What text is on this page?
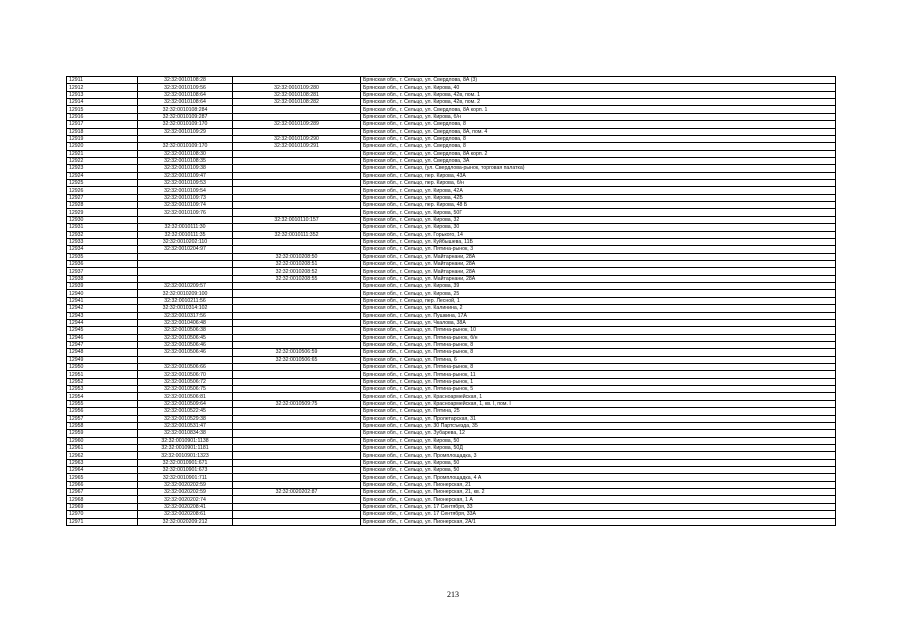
12911	32:32:0010108:28		Брянская обл., г. Сельцо, ул. Свердлова, 8А (3)
12912	32:32:0010109:56	32:32:0010109:280	Брянская обл., г. Сельцо, ул. Кирова, 40
12913	32:32:0010108:64	32:32:0010108:281	Брянская обл., г. Сельцо, ул. Кирова, 42в, пом. 1
12914	32:32:0010108:64	32:32:0010108:282	Брянская обл., г. Сельцо, ул. Кирова, 42в, пом. 2
12915	32:32:0010108:284		Брянская обл., г. Сельцо, ул. Свердлова, 8А корп. 1
12916	32:32:0010109:287		Брянская обл., г. Сельцо, ул. Кирова, б/н
12917	32:32:0010109:170	32:32:0010109:289	Брянская обл., г. Сельцо, ул. Свердлова, 8
12918	32:32:0010109:29		Брянская обл., г. Сельцо, ул. Свердлова, 8А, пом. 4
12919		32:32:0010109:290	Брянская обл., г. Сельцо, ул. Свердлова, 8
12920	32:32:0010109:170	32:32:0010109:291	Брянская обл., г. Сельцо, ул. Свердлова, 8
12921	32:32:0010108:30		Брянская обл., г. Сельцо, ул. Свердлова, 8А корп. 2
12922	32:32:0010108:35		Брянская обл., г. Сельцо, ул. Свердлова, 3А
12923	32:32:0010109:38		Брянская обл., г. Сельцо, (ул. Свердлова-рынок, торговая палатка)
12924	32:32:0010109:47		Брянская обл., г. Сельцо, пер. Кирова, 43А
12925	32:32:0010109:53		Брянская обл., г. Сельцо, пер. Кирова, б/н
12926	32:32:0010109:54		Брянская обл., г. Сельцо, ул. Кирова, 42А
12927	32:32:0010109:73		Брянская обл., г. Сельцо, ул. Кирова, 42Б
12928	32:32:0010109:74		Брянская обл., г. Сельцо, пер. Кирова, 48 Б
12929	32:32:0010109:76		Брянская обл., г. Сельцо, ул. Кирова, 50Г
12930		32:32:0010110:157	Брянская обл., г. Сельцо, ул. Кирова, 32
12931	32:32:0010111:30		Брянская обл., г. Сельцо, ул. Кирова, 30
12932	32:32:0010111:35	32:32:0010111:352	Брянская обл., г. Сельцо, ул. Горького, 14
12933	32:32:0010202:110		Брянская обл., г. Сельцо, ул. Куйбышева, 11Б
12934	32:32:0010204:97		Брянская обл., г. Сельцо, ул. Пятина-рынок, 3
12935		32:32:0010208:50	Брянская обл., г. Сельцо, ул. Майтарнани, 28А
12936		32:32:0010208:51	Брянская обл., г. Сельцо, ул. Майтарнани, 28А
12937		32:32:0010208:52	Брянская обл., г. Сельцо, ул. Майтарнани, 28А
12938		32:32:0010208:55	Брянская обл., г. Сельцо, ул. Майтарнани, 28А
12939	32:32:0010209:57		Брянская обл., г. Сельцо, ул. Кирова, 39
12940	32:32:0010209:100		Брянская обл., г. Сельцо, ул. Кирова, 25
12941	32:32:0010211:56		Брянская обл., г. Сельцо, пер. Лесной, 1
12942	32:32:0010314:102		Брянская обл., г. Сельцо, ул. Калинина, 2
12943	32:32:0010317:56		Брянская обл., г. Сельцо, ул. Пушкина, 17А
12944	32:32:0010406:48		Брянская обл., г. Сельцо, ул. Чкалова, 38А
12945	32:32:0010506:38		Брянская обл., г. Сельцо, ул. Пятина-рынок, 10
12946	32:32:0010506:45		Брянская обл., г. Сельцо, ул. Пятина-рынок, б/н
12947	32:32:0010506:46		Брянская обл., г. Сельцо, ул. Пятина-рынок, 8
12948	32:32:0010506:46	32:32:0010506:59	Брянская обл., г. Сельцо, ул. Пятина-рынок, 8
12949		32:32:0010506:65	Брянская обл., г. Сельцо, ул. Пятина, 6
12950	32:32:0010506:66		Брянская обл., г. Сельцо, ул. Пятина-рынок, 8
12951	32:32:0010506:70		Брянская обл., г. Сельцо, ул. Пятина-рынок, 11
12952	32:32:0010506:72		Брянская обл., г. Сельцо, ул. Пятина-рынок, 1
12953	32:32:0010506:75		Брянская обл., г. Сельцо, ул. Пятина-рынок, 5
12954	32:32:0010506:81		Брянская обл., г. Сельцо, ул. Красноармейская, 1
12955	32:32:0010509:64	32:32:0010509:75	Брянская обл., г. Сельцо, ул. Красноармейская, 1, кв. I, пом. I
12956	32:32:0010522:45		Брянская обл., г. Сельцо, ул. Пятина, 25
12957	32:32:0010529:38		Брянская обл., г. Сельцо, ул. Пролетарская, 31
12958	32:32:0010531:47		Брянская обл., г. Сельцо, ул. 30 Партсъезда, 35
12959	32:32:0010834:38		Брянская обл., г. Сельцо, ул. Зубарева, 12
12960	32:32:0010901:1138		Брянская обл., г. Сельцо, ул. Кирова, 50
12961	32:32:0010901:1181		Брянская обл., г. Сельцо, ул. Кирова, 50Д
12962	32:32:0010901:1323		Брянская обл., г. Сельцо, ул. Промплощадка, 3
12963	32:32:0010901:671		Брянская обл., г. Сельцо, ул. Кирова, 50
12964	32:32:0010901:673		Брянская обл., г. Сельцо, ул. Кирова, 50
12965	32:32:0010901:711		Брянская обл., г. Сельцо, ул. Промплощадка, 4 А
12966	32:32:0020202:59		Брянская обл., г. Сельцо, ул. Пионерская, 21
12967	32:32:0020202:59	32:32:0020202:87	Брянская обл., г. Сельцо, ул. Пионерская, 21, кв. 2
12968	32:32:0020202:74		Брянская обл., г. Сельцо, ул. Пионерская, 1 А
12969	32:32:0020208:41		Брянская обл., г. Сельцо, ул. 17 Сентября, 33
12970	32:32:0020208:61		Брянская обл., г. Сельцо, ул. 17 Сентября, 33А
12971	32:32:0020209:212		Брянская обл., г. Сельцо, ул. Пионерская, 2А/1
213
